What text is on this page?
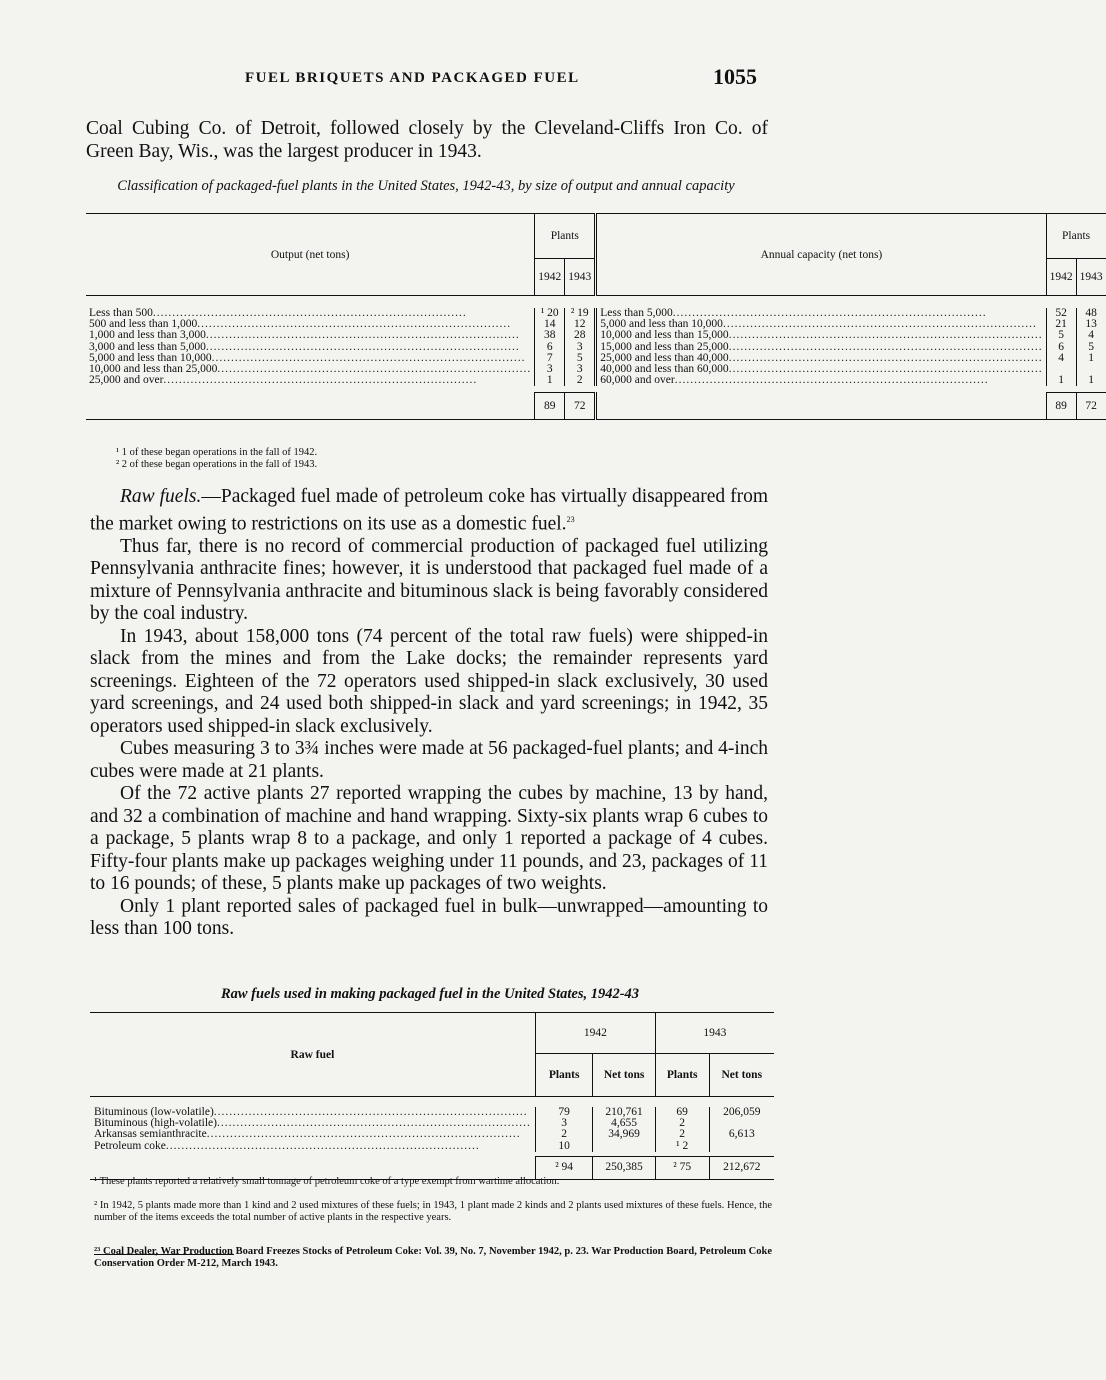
FUEL BRIQUETS AND PACKAGED FUEL	1055
Coal Cubing Co. of Detroit, followed closely by the Cleveland-Cliffs Iron Co. of Green Bay, Wis., was the largest producer in 1943.
Classification of packaged-fuel plants in the United States, 1942-43, by size of output and annual capacity
Output (net tons)	Plants		Annual capacity (net tons)	Plants	
	1942	1943		1942	1943

Less than 500 .....	¹ 20	² 19	Less than 5,000 .....	52	48
500 and less than 1,000 .....	14	12	5,000 and less than 10,000 .....	21	13
1,000 and less than 3,000 .....	38	28	10,000 and less than 15,000 .....	5	4
3,000 and less than 5,000 .....	6	3	15,000 and less than 25,000 .....	6	5
5,000 and less than 10,000 .....	7	5	25,000 and less than 40,000 .....	4	1
10,000 and less than 25,000 .....	3	3	40,000 and less than 60,000 .....		
25,000 and over .....	1	2	60,000 and over .....	1	1

	89	72		89	72

¹ 1 of these began operations in the fall of 1942.
² 2 of these began operations in the fall of 1943.

Raw fuels.—Packaged fuel made of petroleum coke has virtually disappeared from the market owing to restrictions on its use as a domestic fuel.$^{23}$

Thus far, there is no record of commercial production of packaged fuel utilizing Pennsylvania anthracite fines; however, it is understood that packaged fuel made of a mixture of Pennsylvania anthracite and bituminous slack is being favorably considered by the coal industry.

In 1943, about 158,000 tons (74 percent of the total raw fuels) were shipped-in slack from the mines and from the Lake docks; the remainder represents yard screenings. Eighteen of the 72 operators used shipped-in slack exclusively, 30 used yard screenings, and 24 used both shipped-in slack and yard screenings; in 1942, 35 operators used shipped-in slack exclusively.

Cubes measuring 3 to 3¾ inches were made at 56 packaged-fuel plants; and 4-inch cubes were made at 21 plants.

Of the 72 active plants 27 reported wrapping the cubes by machine, 13 by hand, and 32 a combination of machine and hand wrapping. Sixty-six plants wrap 6 cubes to a package, 5 plants wrap 8 to a package, and only 1 reported a package of 4 cubes. Fifty-four plants make up packages weighing under 11 pounds, and 23, packages of 11 to 16 pounds; of these, 5 plants make up packages of two weights.

Only 1 plant reported sales of packaged fuel in bulk—unwrapped—amounting to less than 100 tons.

Raw fuels used in making packaged fuel in the United States, 1942-43
Raw fuel	1942		1943	
	Plants	Net tons	Plants	Net tons

Bituminous (low-volatile) .....	79	210,761	69	206,059
Bituminous (high-volatile) .....	3	4,655	2	
Arkansas semianthracite .....	2	34,969	2	6,613
Petroleum coke .....	10		¹ 2	

	² 94	250,385	² 75	212,672

¹ These plants reported a relatively small tonnage of petroleum coke of a type exempt from wartime allocation.
² In 1942, 5 plants made more than 1 kind and 2 used mixtures of these fuels; in 1943, 1 plant made 2 kinds and 2 plants used mixtures of these fuels. Hence, the number of the items exceeds the total number of active plants in the respective years.
²³ Coal Dealer, War Production Board Freezes Stocks of Petroleum Coke: Vol. 39, No. 7, November 1942, p. 23. War Production Board, Petroleum Coke Conservation Order M-212, March 1943.
